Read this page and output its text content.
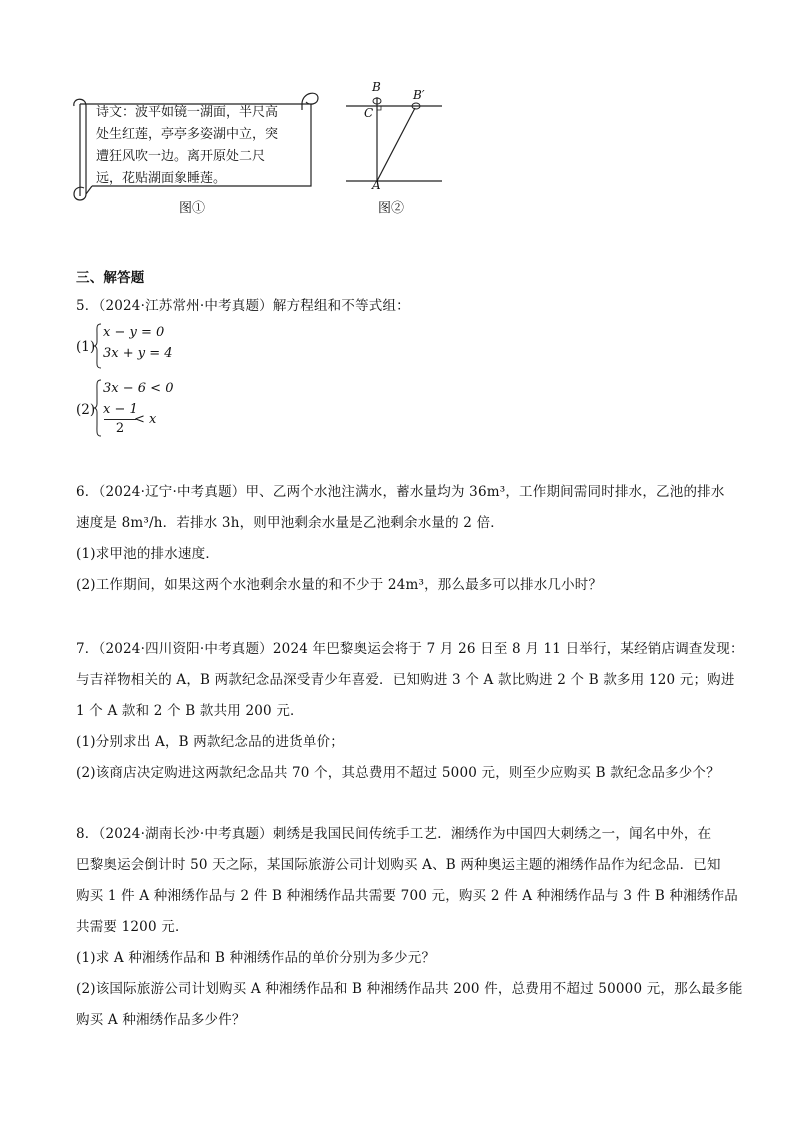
诗文：波平如镜一湖面，半尺高
处生红莲，亭亭多姿湖中立，突
遭狂风吹一边。离开原处二尺
远，花贴湖面象睡莲。
图①
B
B′
C
A
图②
三、解答题
5．（2024·江苏常州·中考真题）解方程组和不等式组：
(1)
x − y = 0
3x + y = 4
(2)
3x − 6 < 0
x − 1
2
< x
6．（2024·辽宁·中考真题）甲、乙两个水池注满水，蓄水量均为 36m³，工作期间需同时排水，乙池的排水
速度是 8m³/h．若排水 3h，则甲池剩余水量是乙池剩余水量的 2 倍．
(1)求甲池的排水速度．
(2)工作期间，如果这两个水池剩余水量的和不少于 24m³，那么最多可以排水几小时？
7．（2024·四川资阳·中考真题）2024 年巴黎奥运会将于 7 月 26 日至 8 月 11 日举行，某经销店调查发现：
与吉祥物相关的 A，B 两款纪念品深受青少年喜爱．已知购进 3 个 A 款比购进 2 个 B 款多用 120 元；购进
1 个 A 款和 2 个 B 款共用 200 元．
(1)分别求出 A，B 两款纪念品的进货单价；
(2)该商店决定购进这两款纪念品共 70 个，其总费用不超过 5000 元，则至少应购买 B 款纪念品多少个？
8．（2024·湖南长沙·中考真题）刺绣是我国民间传统手工艺．湘绣作为中国四大刺绣之一，闻名中外，在
巴黎奥运会倒计时 50 天之际，某国际旅游公司计划购买 A、B 两种奥运主题的湘绣作品作为纪念品．已知
购买 1 件 A 种湘绣作品与 2 件 B 种湘绣作品共需要 700 元，购买 2 件 A 种湘绣作品与 3 件 B 种湘绣作品
共需要 1200 元．
(1)求 A 种湘绣作品和 B 种湘绣作品的单价分别为多少元？
(2)该国际旅游公司计划购买 A 种湘绣作品和 B 种湘绣作品共 200 件，总费用不超过 50000 元，那么最多能
购买 A 种湘绣作品多少件？
